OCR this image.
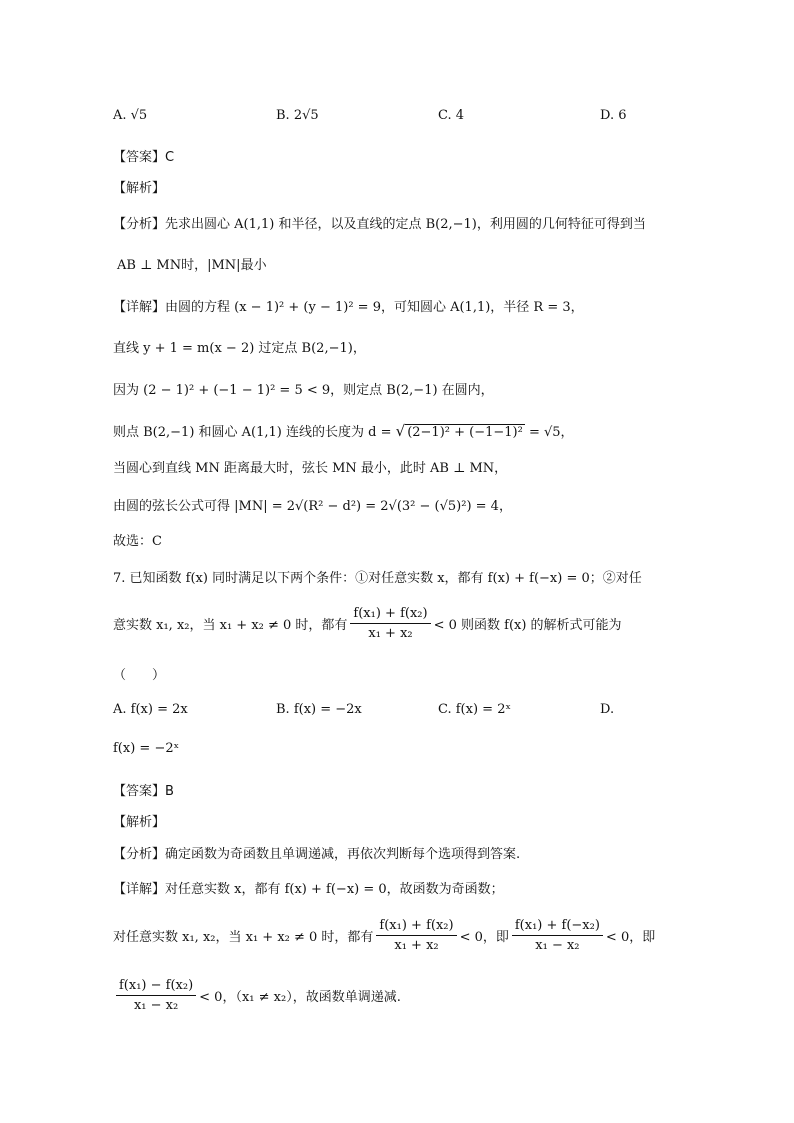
A. √5	B. 2√5	C. 4	D. 6
【答案】C
【解析】
【分析】先求出圆心 A(1,1) 和半径，以及直线的定点 B(2,−1)，利用圆的几何特征可得到当
AB ⊥ MN时，|MN|最小
【详解】由圆的方程 (x − 1)² + (y − 1)² = 9，可知圆心 A(1,1)，半径 R = 3，
直线 y + 1 = m(x − 2) 过定点 B(2,−1)，
因为 (2 − 1)² + (−1 − 1)² = 5 < 9，则定点 B(2,−1) 在圆内，
则点 B(2,−1) 和圆心 A(1,1) 连线的长度为 d = √ (2−1)² + (−1−1)² = √5，
当圆心到直线 MN 距离最大时，弦长 MN 最小，此时 AB ⊥ MN，
由圆的弦长公式可得 |MN| = 2√(R² − d²) = 2√(3² − (√5)²) = 4，
故选：C
7. 已知函数 f(x) 同时满足以下两个条件：①对任意实数 x，都有 f(x) + f(−x) = 0；②对任
意实数 x₁, x₂，当 x₁ + x₂ ≠ 0 时，都有 $\frac{\text{f(x₁) + f(x₂)}}{\text{x₁ + x₂}} < 0$ 则函数 f(x) 的解析式可能为
（　　）
A. f(x) = 2x	B. f(x) = −2x	C. f(x) = 2ˣ	D.
f(x) = −2ˣ
【答案】B
【解析】
【分析】确定函数为奇函数且单调递减，再依次判断每个选项得到答案.
【详解】对任意实数 x，都有 f(x) + f(−x) = 0，故函数为奇函数；
对任意实数 x₁, x₂，当 x₁ + x₂ ≠ 0 时，都有 $\frac{\text{f(x₁) + f(x₂)}}{\text{x₁ + x₂}} < 0$，即 $\frac{\text{f(x₁) + f(−x₂)}}{\text{x₁ − x₂}} < 0$，即
$\frac{\text{f(x₁) − f(x₂)}}{\text{x₁ − x₂}} < 0$，（x₁ ≠ x₂），故函数单调递减.
